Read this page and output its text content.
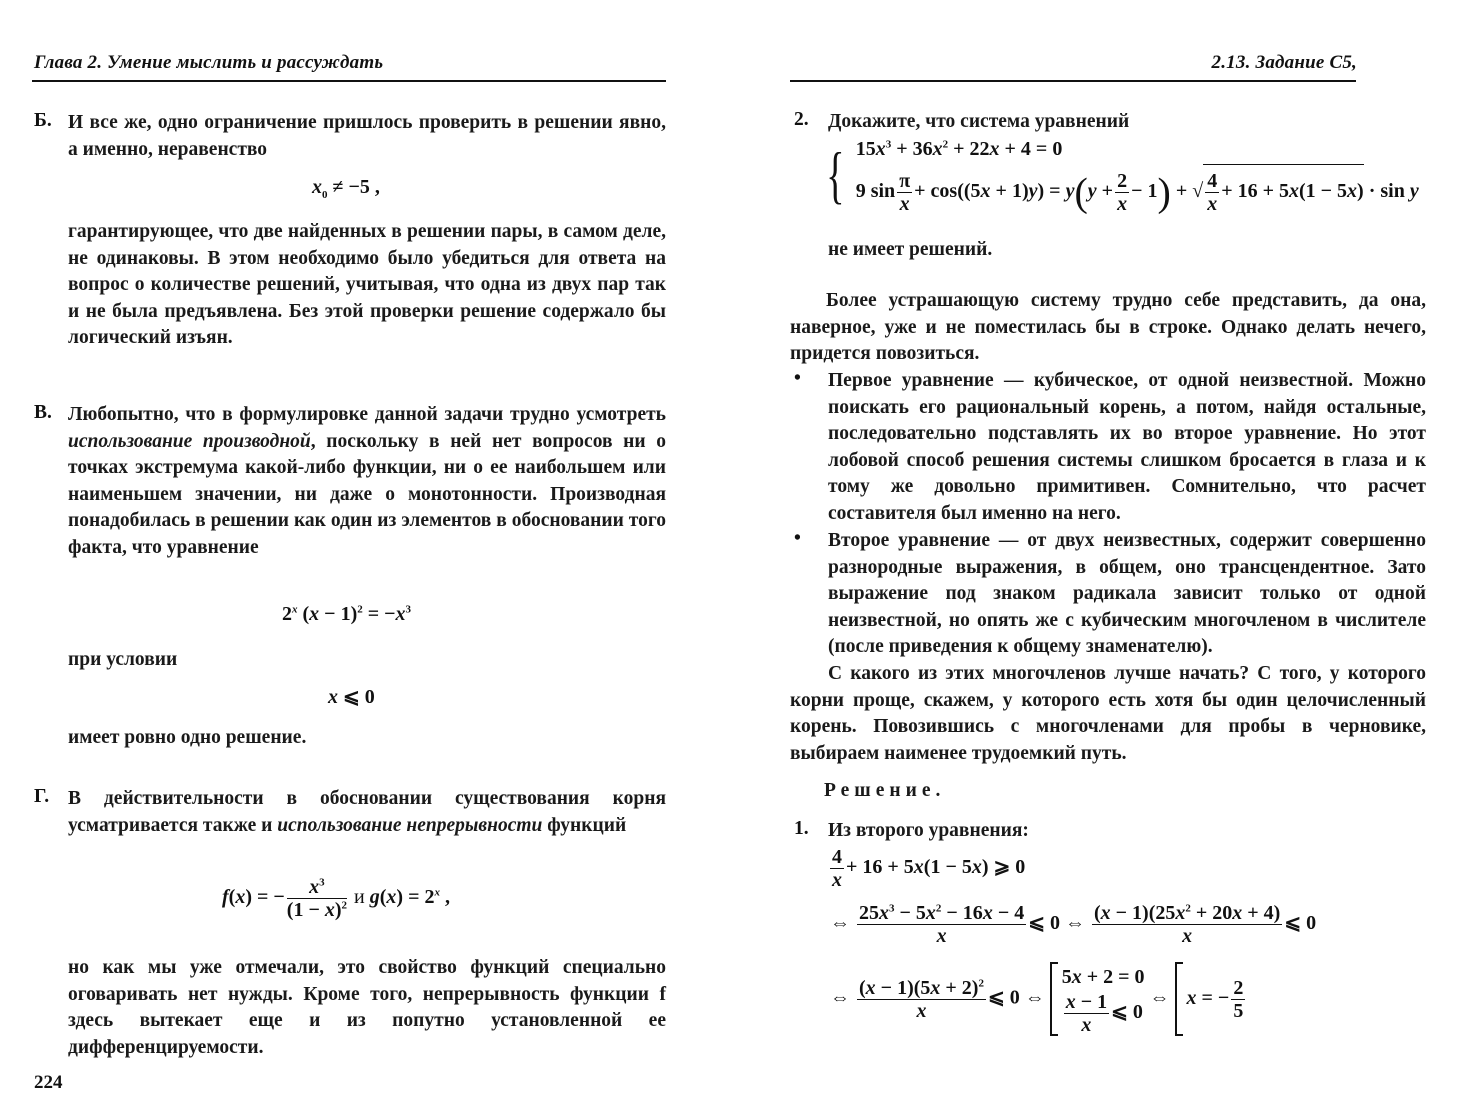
Глава 2. Умение мыслить и рассуждать
Б. И все же, одно ограничение пришлось проверить в решении явно, а именно, неравенство
$x_0 \ne -5$ ,
гарантирующее, что две найденных в решении пары, в самом деле, не одинаковы. В этом необходимо было убедиться для ответа на вопрос о количестве решений, учитывая, что одна из двух пар так и не была предъявлена. Без этой проверки решение содержало бы логический изъян.
В. Любопытно, что в формулировке данной задачи трудно усмотреть использование производной, поскольку в ней нет вопросов ни о точках экстремума какой-либо функции, ни о ее наибольшем или наименьшем значении, ни даже о монотонности. Производная понадобилась в решении как один из элементов в обосновании того факта, что уравнение
2$^x$ $(x - 1)^2 = -x^3$
при условии
x ⩽ 0
имеет ровно одно решение.
Г. В действительности в обосновании существования корня усматривается также и использование непрерывности функций
f(x) = − $\frac{x^3}{(1 - x)^2}$ и $g(x) = 2^x$ ,
но как мы уже отмечали, это свойство функций специально оговаривать нет нужды. Кроме того, непрерывность функции f здесь вытекает еще и из попутно установленной ее дифференцируемости.
224
2.13. Задание С5,
2. Докажите, что система уравнений
{ $15x^3 + 36x^2 + 22x + 4 = 0$
9 $\sin \frac{\pi}{x} + \cos((5x + 1)y) = y(y + \frac{2}{x} - 1)$ + √ $\frac{4}{x} + 16 + 5x(1 - 5x) \cdot \sin y$
не имеет решений.
Более устрашающую систему трудно себе представить, да она, наверное, уже и не поместилась бы в строке. Однако делать нечего, придется повозиться.
• Первое уравнение — кубическое, от одной неизвестной. Можно поискать его рациональный корень, а потом, найдя остальные, последовательно подставлять их во второе уравнение. Но этот лобовой способ решения системы слишком бросается в глаза и к тому же довольно примитивен. Сомнительно, что расчет составителя был именно на него.
• Второе уравнение — от двух неизвестных, содержит совершенно разнородные выражения, в общем, оно трансцендентное. Зато выражение под знаком радикала зависит только от одной неизвестной, но опять же с кубическим многочленом в числителе (после приведения к общему знаменателю).
С какого из этих многочленов лучше начать? С того, у которого корни проще, скажем, у которого есть хотя бы один целочисленный корень. Повозившись с многочленами для пробы в черновике, выбираем наименее трудоемкий путь.
Решение.
1. Из второго уравнения:
$\frac{4}{x} + 16 + 5x(1 - 5x)$ ⩾ 0
⇔ $\frac{25x^3 - 5x^2 - 16x - 4}{x}$ ⩽ 0 ⇔ $\frac{(x - 1)(25x^2 + 20x + 4)}{x}$ ⩽ 0
⇔ $\frac{(x - 1)(5x + 2)^2}{x}$ ⩽ 0 ⇔
5x + 2 = 0
$\frac{x - 1}{x}$ ⩽ 0
⇔ x = − $\frac{2}{5}$
